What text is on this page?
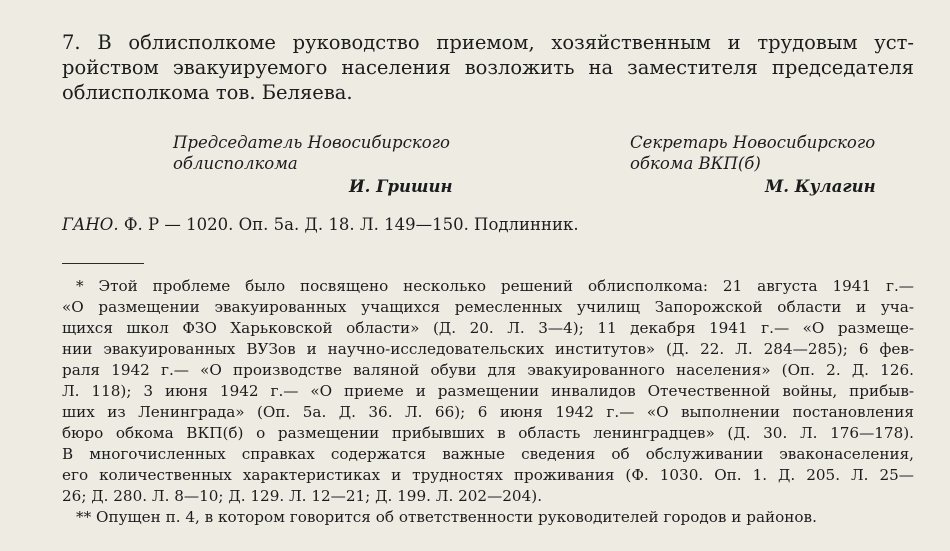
7. В облисполкоме руководство приемом, хозяйственным и трудовым уст-
ройством эвакуируемого населения возложить на заместителя председателя
облисполкома тов. Беляева.

Председатель Новосибирского
облисполкома
И. Гришин
Секретарь Новосибирского
обкома ВКП(б)
М. Кулагин
ГАНО. Ф. Р — 1020. Оп. 5а. Д. 18. Л. 149—150. Подлинник.
* Этой проблеме было посвящено несколько решений облисполкома: 21 августа 1941 г.—
«О размещении эвакуированных учащихся ремесленных училищ Запорожской области и уча-
щихся школ ФЗО Харьковской области» (Д. 20. Л. 3—4); 11 декабря 1941 г.— «О размеще-
нии эвакуированных ВУЗов и научно-исследовательских институтов» (Д. 22. Л. 284—285); 6 фев-
раля 1942 г.— «О производстве валяной обуви для эвакуированного населения» (Оп. 2. Д. 126.
Л. 118); 3 июня 1942 г.— «О приеме и размещении инвалидов Отечественной войны, прибыв-
ших из Ленинграда» (Оп. 5а. Д. 36. Л. 66); 6 июня 1942 г.— «О выполнении постановления
бюро обкома ВКП(б) о размещении прибывших в область ленинградцев» (Д. 30. Л. 176—178).
В многочисленных справках содержатся важные сведения об обслуживании эваконаселения,
его количественных характеристиках и трудностях проживания (Ф. 1030. Оп. 1. Д. 205. Л. 25—
26; Д. 280. Л. 8—10; Д. 129. Л. 12—21; Д. 199. Л. 202—204).
** Опущен п. 4, в котором говорится об ответственности руководителей городов и районов.
